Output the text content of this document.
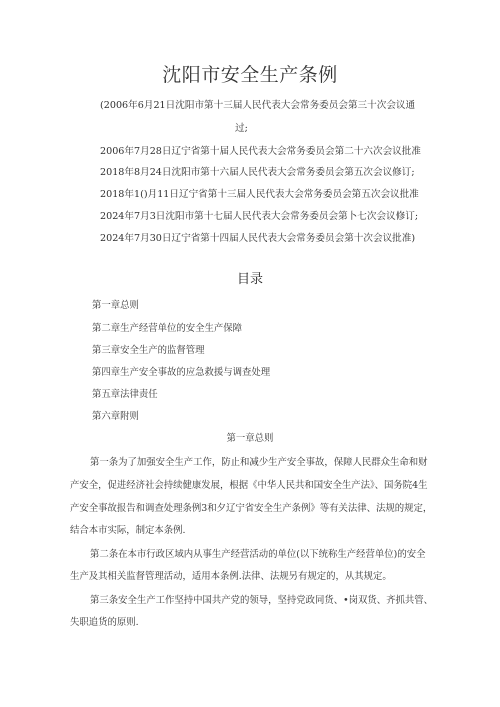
沈阳市安全生产条例
(2006年6月21日沈阳市第十三届人民代表大会常务委员会第三十次会议通
过;
2006年7月28日辽宁省第十届人民代表大会常务委员会第二十六次会议批准
2018年8月24日沈阳市第十六届人民代表大会常务委员会第五次会议修订;
2018年1()月11日辽宁省第十三届人民代表大会常务委员会第五次会议批准
2024年7月3日沈阳市第十七届人民代表大会常务委员会第卜七次会议修订;
2024年7月30日辽宁省第十四届人民代表大会常务委员会第十次会议批准)
目录
第一章总则
第二章生产经营单位的安全生产保障
第三章安全生产的监督管理
第四章生产安全事故的应急救援与调查处理
第五章法律责任
第六章附则
第一章总则
第一条为了加强安全生产工作，防止和减少生产安全事故，保障人民群众生命和财
产安全，促进经济社会持续健康发展，根据《中华人民共和国安全生产法》、国务院4生
产安全事故报告和调查处理条例3和夕辽宁省安全生产条例》等有关法律、法规的规定，
结合本市实际，制定本条例.
第二条在本市行政区域内从事生产经营活动的单位(以下统称生产经营单位)的安全
生产及其相关监督管理活动，适用本条例.法律、法规另有规定的，从其规定。
第三条安全生产工作坚持中国共产党的领导，坚持党政同货、•岗双货、齐抓共管、
失职追货的原则.
